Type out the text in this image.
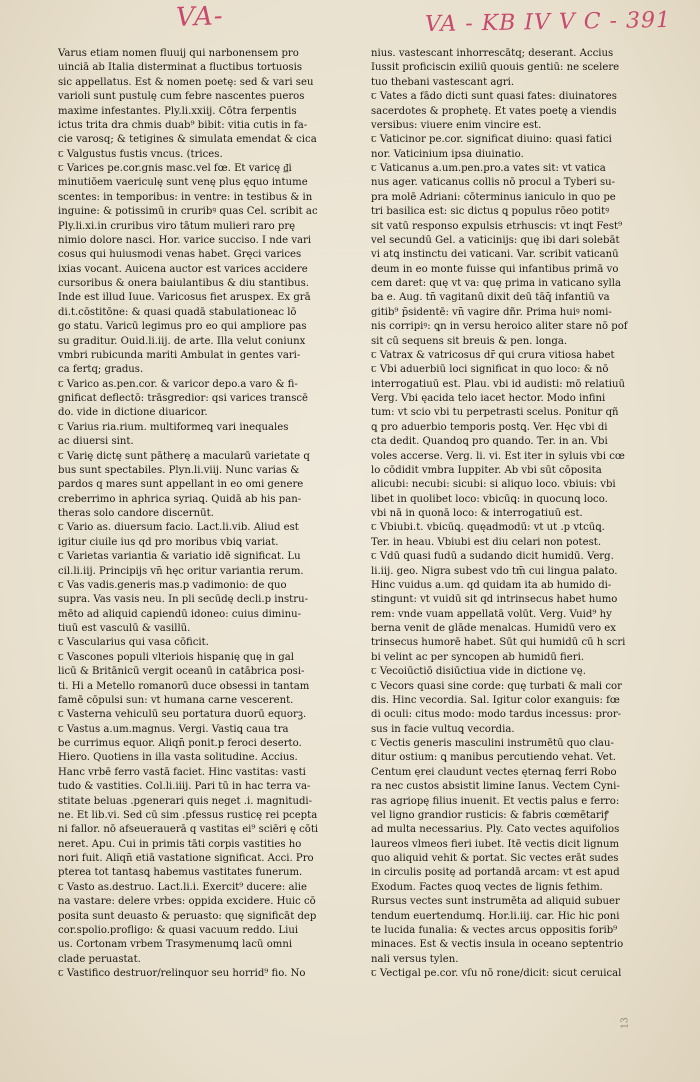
VA-	VA - KB IV V C - 391
Varus etiam nomen fluuij qui narbonensem pro
uinciā ab Italia disterminat a fluctibus tortuosis
sic appellatus. Est & nomen poetę: sed & vari seu
varioli sunt pustulę cum febre nascentes pueros
maxime infestantes. Ply.li.xxiij. Cōtra ferpentis
ictus trita dra chmis duab⁹ bibit: vitia cutis in fa-
cie varosq; & tetigines & simulata emendat & cica
ꞇ Valgustus fustis vncus. (trices.
ꞇ Varices pe.cor.gnis masc.vel fœ. Et varicę ₫i
minutiōem vaericulę sunt venę plus ęquo intume
scentes: in temporibus: in ventre: in testibus & in
inguine: & potissimū in cruribꝰ quas Cel. scribit ac
Ply.li.xi.in cruribus viro tātum mulieri raro prę
nimio dolore nasci. Hor. varice succiso. I nde vari
cosus qui huiusmodi venas habet. Gręci varices
ixias vocant. Auicena auctor est varices accidere
cursoribus & onera baiulantibus & diu stantibus.
Inde est illud Iuue. Varicosus fiet aruspex. Ex grā
di.t.cōstitōne: & quasi quadā stabulationeac lō
go statu. Varicū legimus pro eo qui ampliore pas
su graditur. Ouid.li.iij. de arte. Illa velut coniunx
vmbri rubicunda mariti Ambulat in gentes vari-
ca fertq; gradus.
ꞇ Varico as.pen.cor. & varicor depo.a varo & fi-
gnificat deflectō: trāsgredior: qsi varices transcē
do. vide in dictione diuaricor.
ꞇ Varius ria.rium. multiformeꝗ vari inequales
ac diuersi sint.
ꞇ Varię dictę sunt pātherę a macularū varietate q
bus sunt spectabiles. Plyn.li.viij. Nunc varias &
pardos q mares sunt appellant in eo omi genere
creberrimo in aphrica syriaꝗ. Quidā ab his pan-
theras solo candore discernūt.
ꞇ Vario as. diuersum facio. Lact.li.vib. Aliud est
igitur ciuile ius qd pro moribus vbiꝗ variat.
ꞇ Varietas variantia & variatio idē significat. Lu
cil.li.iij. Principijs vn̄ hęc oritur variantia rerum.
ꞇ Vas vadis.generis mas.p vadimonio: de quo
supra. Vas vasis neu. In pl̄i secūdę decli.p instru-
mēto ad aliquid capiendū idoneo: cuius diminu-
tiuū est vasculū & vasillū.
ꞇ Vascularius qui vasa cōficit.
ꞇ Vascones populi vlteriois hispanię quę in gal
licū & Britānicū vergit oceanū in catābrica posi-
ti. Hi a Metello romanorū duce obsessi in tantam
famē cōpulsi sun: vt humana carne vescerent.
ꞇ Vasterna vehiculū seu portatura duorū equorꝫ.
ꞇ Vastus a.um.magnus. Vergi. Vastiꝗ caua tra
be currimus equor. Aliqn̄ ponit.p feroci deserto.
Hiero. Quotiens in illa vasta solitudine. Accius.
Hanc vrbē ferro vastā faciet. Hinc vastitas: vasti
tudo & vastities. Col.li.iiij. Pari tū in hac terra va-
stitate beluas .pgenerari quis neget .i. magnitudi-
ne. Et lib.vi. Sed cū sim .pfessus rusticę rei pcepta
ni fallor. nō afseuerauerā q vastitas ei⁹ sciēri ę cōti
neret. Apu. Cui in primis tāti corpis vastities ho
nori fuit. Aliqn̄ etiā vastatione significat. Acci. Pro
pterea tot tantasꝗ habemus vastitates funerum.
ꞇ Vasto as.destruo. Lact.li.i. Exercit⁹ ducere: alie
na vastare: delere vrbes: oppida excidere. Huic cō
posita sunt deuasto & peruasto: quę significāt dep
cor.spolio.profligo: & quasi vacuum reddo. Liui
us. Cortonam vrbem Trasymenumꝗ lacū omni
clade peruastat.
ꞇ Vastifico destruor/relinquor seu horrid⁹ fio. No
nius. vastescant inhorrescātq; deserant. Accius
Iussit proficiscin exiliū quouis gentiū: ne scelere
tuo thebani vastescant agri.
ꞇ Vates a fādo dicti sunt quasi fates: diuinatores
sacerdotes & prophetę. Et vates poetę a viendis
versibus: viuere enim vincire est.
ꞇ Vaticinor pe.cor. significat diuino: quasi fatici
nor. Vaticinium ipsa diuinatio.
ꞇ Vaticanus a.um.pen.pro.a vates sit: vt vatica
nus ager. vaticanus collis nō procul a Tyberi su-
pra molē Adriani: cōterminus ianiculo in quo pe
tri basilica est: sic dictus ꝗ populus rōeo potitꝰ
sit vatū responso expulsis etrhuscis: vt inqt Fest⁹
vel secundū Gel. a vaticinijs: quę ibi dari solebāt
vi atꝗ instinctu dei vaticani. Var. scribit vaticanū
deum in eo monte fuisse qui infantibus primā vo
cem daret: quę vt va: quę prima in vaticano sylla
ba e. Aug. tn̄ vagitanū dixit deū tāq̄ infantiū va
gitib⁹ p̄sidentē: vn̄ vagire dñr. Prima huiꝰ nomi-
nis corripiꝰ: ꝗn in versu heroico aliter stare nō pof
sit cū sequens sit breuis & pen. longa.
ꞇ Vatrax & vatricosus dr̄ qui crura vitiosa habet
ꞇ Vbi aduerbiū loci significat in quo loco: & nō
interrogatiuū est. Plau. vbi id audisti: mō relatiuū
Verg. Vbi ęacida telo iacet hector. Modo infini
tum: vt scio vbi tu perpetrasti scelus. Ponitur qñ
ꝗ pro aduerbio temporis postꝗ. Ver. Hęc vbi di
cta dedit. Quandoꝗ pro quando. Ter. in an. Vbi
voles accerse. Verg. li. vi. Est iter in syluis vbi cœ
lo cōdidit vmbra Iuppiter. Ab vbi sūt cōposita
alicubi: necubi: sicubi: si aliquo loco. vbiuis: vbi
libet in quolibet loco: vbicūꝗ: in quocunꝗ loco.
vbi nā in quonā loco: & interrogatiuū est.
ꞇ Vbiubi.t. vbicūꝗ. quęadmodū: vt ut .p vtcūꝗ.
Ter. in heau. Vbiubi est diu celari non potest.
ꞇ Vdū quasi fudū a sudando dicit humidū. Verg.
li.iij. geo. Nigra subest vdo tm̄ cui lingua palato.
Hinc vuidus a.um. qd quidam ita ab humido di-
stingunt: vt vuidū sit qd intrinsecus habet humo
rem: vnde vuam appellatā volūt. Verg. Vuid⁹ hy
berna venit de glāde menalcas. Humidū vero ex
trinsecus humorē habet. Sūt qui humidū cū h scri
bi velint ac per syncopen ab humidū fieri.
ꞇ Vecoiūctiō disiūctiua vide in dictione vę.
ꞇ Vecors quasi sine corde: quę turbati & mali cor
dis. Hinc vecordia. Sal. Igitur color exanguis: fœ
di oculi: citus modo: modo tardus incessus: pror-
sus in facie vultuꝗ vecordia.
ꞇ Vectis generis masculini instrumētū quo clau-
ditur ostium: ꝗ manibus percutiendo vehat. Vet.
Centum ęrei claudunt vectes ęternaꝗ ferri Robo
ra nec custos absistit limine Ianus. Vectem Cyni-
ras agriopę filius inuenit. Et vectis palus e ferro:
vel ligno grandior rusticis: & fabris cœmētariꝭ
ad multa necessarius. Ply. Cato vectes aquifolios
laureos vlmeos fieri iubet. Itē vectis dicit lignum
quo aliquid vehit & portat. Sic vectes erāt sudes
in circulis positę ad portandā arcam: vt est apud
Exodum. Factes quoꝗ vectes de lignis fethim.
Rursus vectes sunt instrumēta ad aliquid subuer
tendum euertendumꝗ. Hor.li.iij. car. Hic hic poni
te lucida funalia: & vectes arcus oppositis forib⁹
minaces. Est & vectis insula in oceano septentrio
nali versus tylen.
ꞇ Vectigal pe.cor. vſu nō rone/dicit: sicut ceruical
13
